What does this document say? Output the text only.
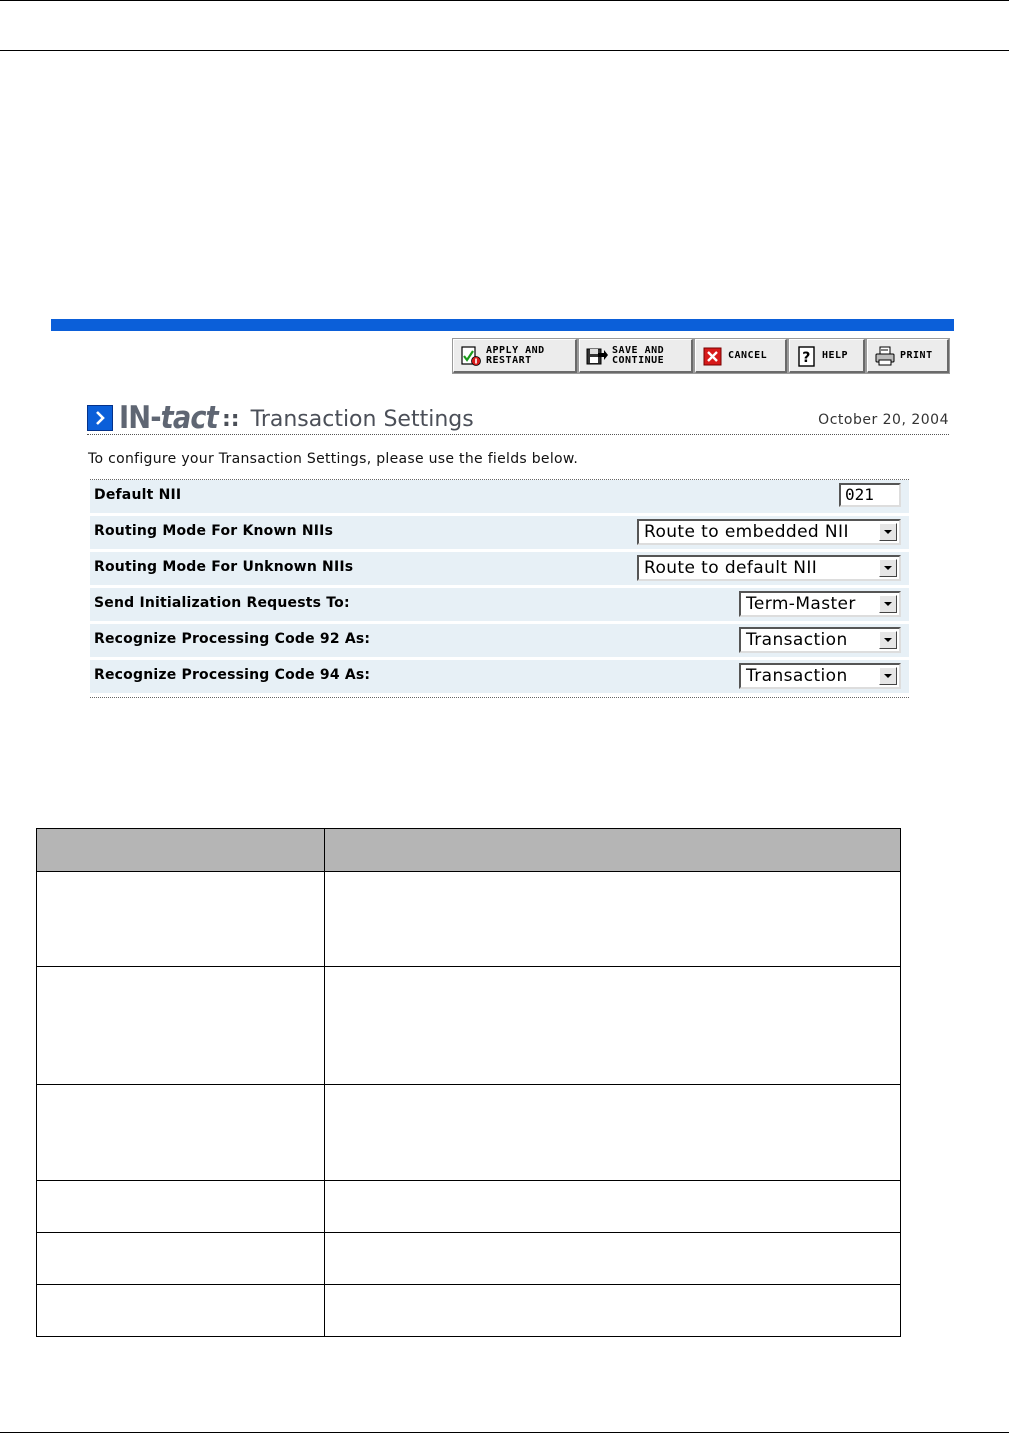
APPLY AND
RESTART
SAVE AND
CONTINUE	CANCEL	? HELP	PRINT
IN-tact :: Transaction Settings	October 20, 2004
To configure your Transaction Settings, please use the fields below.
Default NII	021
Routing Mode For Known NIIs	Route to embedded NII
Routing Mode For Unknown NIIs	Route to default NII
Send Initialization Requests To:	Term-Master
Recognize Processing Code 92 As:	Transaction
Recognize Processing Code 94 As:	Transaction
